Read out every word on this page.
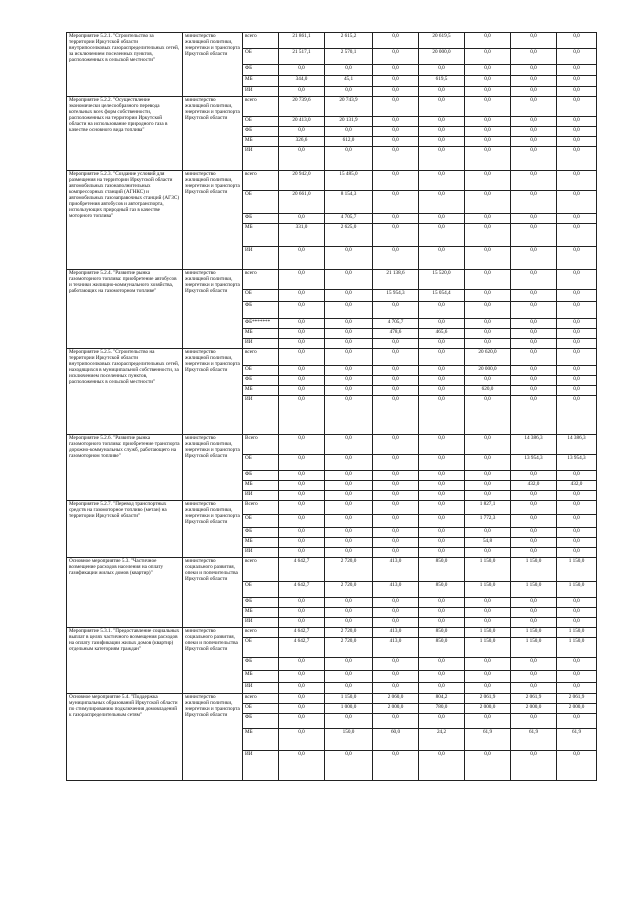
Мероприятие 5.2.1. "Строительство за территории Иркутской области внутрипоселковых газораспределительных сетей, за исключением поселенных пунктов, расположенных в сельской местности"	министерство жилищной политики, энергетики и транспорта Иркутской области	всего	21 861,1	2 615,2	0,0	20 619,5	0,0	0,0	0,0
		ОБ	21 517,1	2 570,1	0,0	20 000,0	0,0	0,0	0,0
		ФБ	0,0	0,0	0,0	0,0	0,0	0,0	0,0
		МБ	344,0	45,1	0,0	619,5	0,0	0,0	0,0
		ИИ	0,0	0,0	0,0	0,0	0,0	0,0	0,0
Мероприятие 5.2.2. "Осуществление экономически целесообразного перевода котельных всех форм собственности, расположенных на территории Иркутской области на использование природного газа в качестве основного вида топлива"	министерство жилищной политики, энергетики и транспорта Иркутской области	всего	20 739,6	20 743,9	0,0	0,0	0,0	0,0	0,0
		ОБ	20 413,0	20 131,9	0,0	0,0	0,0	0,0	0,0
		ФБ	0,0	0,0	0,0	0,0	0,0	0,0	0,0
		МБ	326,6	612,0	0,0	0,0	0,0	0,0	0,0
		ИИ	0,0	0,0	0,0	0,0	0,0	0,0	0,0
Мероприятие 5.2.3. "Создание условий для размещения на территории Иркутской области автомобильных газонаполнительных компрессорных станций (АГНКС) и автомобильных газозаправочных станций (АГЗС) приобретения автобусов и автотранспорта, использующих природный газ в качестве моторного топлива"	министерство жилищной политики, энергетики и транспорта Иркутской области	всего	20 942,0	15 485,0	0,0	0,0	0,0	0,0	0,0
		ОБ	20 661,0	8 154,3	0,0	0,0	0,0	0,0	0,0
		ФБ	0,0	4 705,7	0,0	0,0	0,0	0,0	0,0
		МБ	331,0	2 625,0	0,0	0,0	0,0	0,0	0,0
		ИИ	0,0	0,0	0,0	0,0	0,0	0,0	0,0
Мероприятие 5.2.4. "Развитие рынка газомоторного топлива: приобретение автобусов и техники жилищно-коммунального хозяйства, работающих на газомоторном топливе"	министерство жилищной политики, энергетики и транспорта Иркутской области	всего	0,0	0,0	21 138,6	15 520,0	0,0	0,0	0,0
		ОБ	0,0	0,0	15 954,3	15 054,4	0,0	0,0	0,0
		ФБ	0,0	0,0	0,0	0,0	0,0	0,0	0,0
		ФБ*******	0,0	0,0	4 705,7	0,0	0,0	0,0	0,0
		МБ	0,0	0,0	478,6	465,6	0,0	0,0	0,0
		ИИ	0,0	0,0	0,0	0,0	0,0	0,0	0,0
Мероприятие 5.2.5. "Строительство на территории Иркутской области внутрипоселковых газораспределительных сетей, находящихся в муниципальной собственности, за исключением поселенных пунктов, расположенных в сельской местности"	министерство жилищной политики, энергетики и транспорта Иркутской области	всего	0,0	0,0	0,0	0,0	20 620,0	0,0	0,0
		ОБ	0,0	0,0	0,0	0,0	20 000,0	0,0	0,0
		ФБ	0,0	0,0	0,0	0,0	0,0	0,0	0,0
		МБ	0,0	0,0	0,0	0,0	620,0	0,0	0,0
		ИИ	0,0	0,0	0,0	0,0	0,0	0,0	0,0
Мероприятие 5.2.6. "Развитие рынка газомоторного топлива: приобретение транспорта дорожно-коммунальных служб, работающего на газомоторном топливе"	министерство жилищной политики, энергетики и транспорта Иркутской области	Всего	0,0	0,0	0,0	0,0	0,0	14 386,3	14 386,3
		ОБ	0,0	0,0	0,0	0,0	0,0	13 954,3	13 954,3
		ФБ	0,0	0,0	0,0	0,0	0,0	0,0	0,0
		МБ	0,0	0,0	0,0	0,0	0,0	432,0	432,0
		ИИ	0,0	0,0	0,0	0,0	0,0	0,0	0,0
Мероприятие 5.2.7. "Перевод транспортных средств на газомоторное топливо (метан) на территории Иркутской области"	министерство жилищной политики, энергетики и транспорта Иркутской области	Всего	0,0	0,0	0,0	0,0	1 827,1	0,0	0,0
		ОБ	0,0	0,0	0,0	0,0	1 772,3	0,0	0,0
		ФБ	0,0	0,0	0,0	0,0	0,0	0,0	0,0
		МБ	0,0	0,0	0,0	0,0	54,8	0,0	0,0
		ИИ	0,0	0,0	0,0	0,0	0,0	0,0	0,0
Основное мероприятие 5.3. "Частичное возмещение расходов населения на оплату газификации жилых домов (квартир)"	министерство социального развития, опеки и попечительства Иркутской области	всего	4 642,7	2 720,0	413,0	850,0	1 150,0	1 150,0	1 150,0
		ОБ	4 642,7	2 720,0	413,0	850,0	1 150,0	1 150,0	1 150,0
		ФБ	0,0	0,0	0,0	0,0	0,0	0,0	0,0
		МБ	0,0	0,0	0,0	0,0	0,0	0,0	0,0
		ИИ	0,0	0,0	0,0	0,0	0,0	0,0	0,0
Мероприятие 5.3.1. "Предоставление социальных выплат в целях частичного возмещения расходов на оплату газификации жилых домов (квартир) отдельным категориям граждан"	министерство социального развития, опеки и попечительства Иркутской области	всего	4 642,7	2 720,0	413,0	850,0	1 150,0	1 150,0	1 150,0
		ОБ	4 642,7	2 720,0	413,0	850,0	1 150,0	1 150,0	1 150,0
		ФБ	0,0	0,0	0,0	0,0	0,0	0,0	0,0
		МБ	0,0	0,0	0,0	0,0	0,0	0,0	0,0
		ИИ	0,0	0,0	0,0	0,0	0,0	0,0	0,0
Основное мероприятие 5.4. "Поддержка муниципальных образований Иркутской области по стимулированию подключения домовладений к газораспределительным сетям"	министерство жилищной политики, энергетики и транспорта Иркутской области	всего	0,0	1 150,0	2 060,0	804,2	2 061,9	2 061,9	2 061,9
		ОБ	0,0	1 000,0	2 000,0	780,0	2 000,0	2 000,0	2 000,0
		ФБ	0,0	0,0	0,0	0,0	0,0	0,0	0,0
		МБ	0,0	150,0	60,0	24,2	61,9	61,9	61,9
		ИИ	0,0	0,0	0,0	0,0	0,0	0,0	0,0
